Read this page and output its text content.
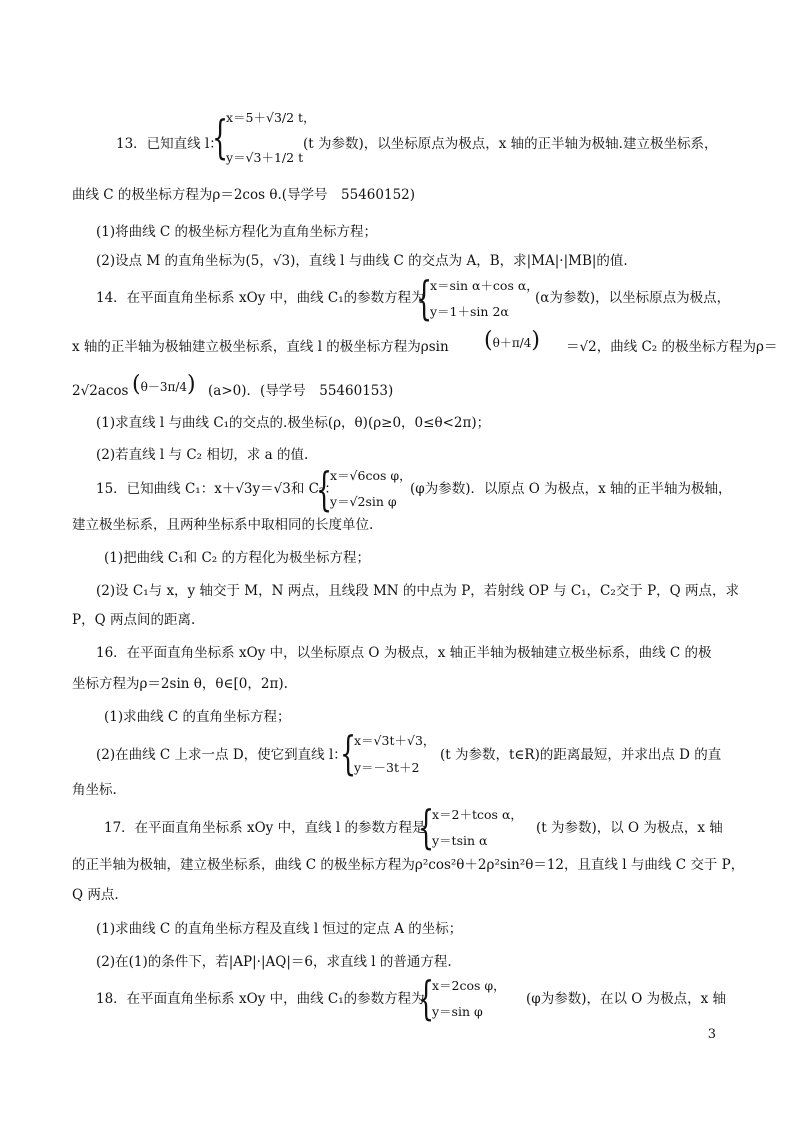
13．已知直线 l：
{
x＝5＋√3/2 t，
y＝√3＋1/2 t
(t 为参数)，以坐标原点为极点，x 轴的正半轴为极轴.建立极坐标系，
曲线 C 的极坐标方程为ρ＝2cos θ.(导学号　55460152)
(1)将曲线 C 的极坐标方程化为直角坐标方程；
(2)设点 M 的直角坐标为(5，√3)，直线 l 与曲线 C 的交点为 A，B，求|MA|·|MB|的值.
14．在平面直角坐标系 xOy 中，曲线 C₁的参数方程为
{
x＝sin α＋cos α，
y＝1＋sin 2α
(α为参数)，以坐标原点为极点，
x 轴的正半轴为极轴建立极坐标系，直线 l 的极坐标方程为ρsin (θ＋π/4) ＝√2，曲线 C₂ 的极坐标方程为ρ＝
2√2acos (θ－3π/4) (a>0)．(导学号　55460153)
(1)求直线 l 与曲线 C₁的交点的.极坐标(ρ，θ)(ρ≥0，0≤θ<2π)；
(2)若直线 l 与 C₂ 相切，求 a 的值.
15．已知曲线 C₁：x＋√3y＝√3和 C₂：
{
x＝√6cos φ，
y＝√2sin φ
(φ为参数)．以原点 O 为极点，x 轴的正半轴为极轴，
建立极坐标系，且两种坐标系中取相同的长度单位.
(1)把曲线 C₁和 C₂ 的方程化为极坐标方程；
(2)设 C₁与 x，y 轴交于 M，N 两点，且线段 MN 的中点为 P，若射线 OP 与 C₁，C₂交于 P，Q 两点，求
P，Q 两点间的距离.
16．在平面直角坐标系 xOy 中，以坐标原点 O 为极点，x 轴正半轴为极轴建立极坐标系，曲线 C 的极
坐标方程为ρ＝2sin θ，θ∈[0，2π).
(1)求曲线 C 的直角坐标方程；
(2)在曲线 C 上求一点 D，使它到直线 l：
{
x＝√3t＋√3，
y＝－3t＋2
(t 为参数，t∈R)的距离最短，并求出点 D 的直
角坐标.
17．在平面直角坐标系 xOy 中，直线 l 的参数方程是
{
x＝2＋tcos α，
y＝tsin α
(t 为参数)，以 O 为极点，x 轴
的正半轴为极轴，建立极坐标系，曲线 C 的极坐标方程为ρ²cos²θ＋2ρ²sin²θ＝12，且直线 l 与曲线 C 交于 P，
Q 两点.
(1)求曲线 C 的直角坐标方程及直线 l 恒过的定点 A 的坐标；
(2)在(1)的条件下，若|AP|·|AQ|＝6，求直线 l 的普通方程.
18．在平面直角坐标系 xOy 中，曲线 C₁的参数方程为
{
x＝2cos φ，
y＝sin φ
(φ为参数)，在以 O 为极点，x 轴
3
